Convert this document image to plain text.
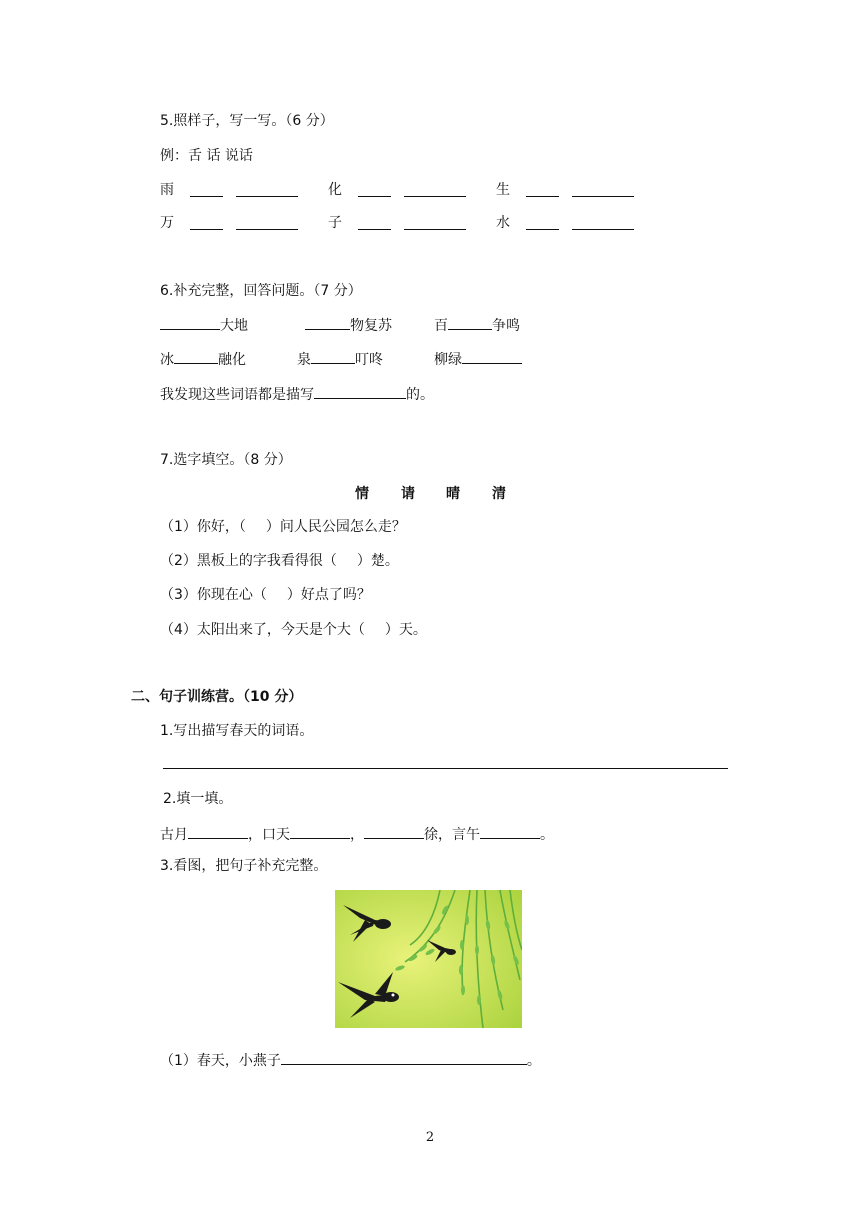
5.照样子，写一写。（6 分）
例：舌 话 说话
雨	化	生
万	子	水
6.补充完整，回答问题。（7 分）
大地	物复苏	百	争鸣
冰	融化	泉	叮咚	柳绿
我发现这些词语都是描写	的。
7.选字填空。（8 分）
情 请 晴 清
（1）你好，（ ）问人民公园怎么走？
（2）黑板上的字我看得很（ ）楚。
（3）你现在心（ ）好点了吗？
（4）太阳出来了，今天是个大（ ）天。
二、句子训练营。（10 分）
1.写出描写春天的词语。
2.填一填。
古月	，口天	，	徐，言午	。
3.看图，把句子补充完整。
（1）春天，小燕子	。
2
